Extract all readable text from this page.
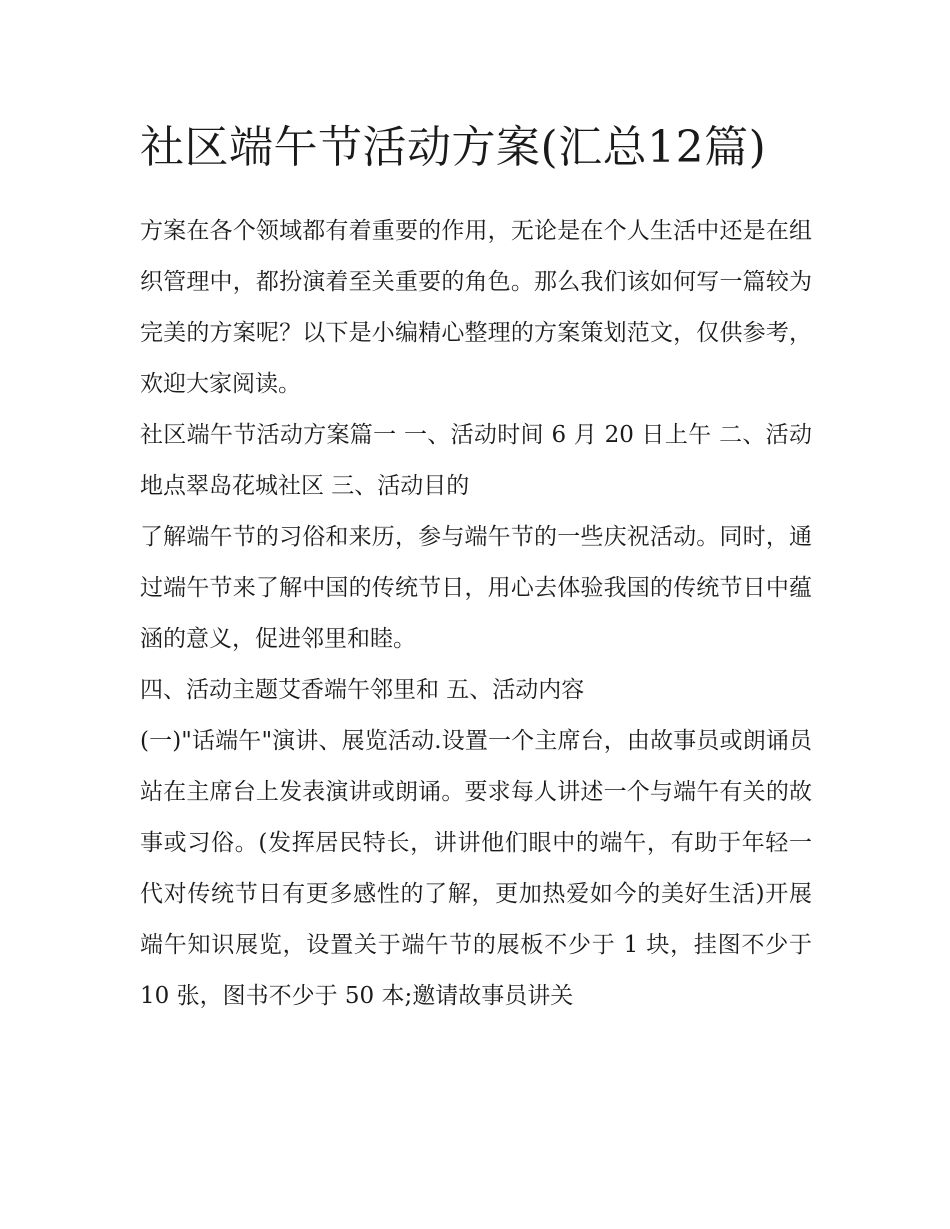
社区端午节活动方案(汇总12篇)

方案在各个领域都有着重要的作用，无论是在个人生活中还是在组织管理中，都扮演着至关重要的角色。那么我们该如何写一篇较为完美的方案呢？以下是小编精心整理的方案策划范文，仅供参考，欢迎大家阅读。

社区端午节活动方案篇一 一、活动时间 6 月 20 日上午 二、活动地点翠岛花城社区 三、活动目的

了解端午节的习俗和来历，参与端午节的一些庆祝活动。同时，通过端午节来了解中国的传统节日，用心去体验我国的传统节日中蕴涵的意义，促进邻里和睦。

四、活动主题艾香端午邻里和 五、活动内容

(一)"话端午"演讲、展览活动.设置一个主席台，由故事员或朗诵员站在主席台上发表演讲或朗诵。要求每人讲述一个与端午有关的故事或习俗。(发挥居民特长，讲讲他们眼中的端午，有助于年轻一代对传统节日有更多感性的了解，更加热爱如今的美好生活)开展端午知识展览，设置关于端午节的展板不少于 1 块，挂图不少于 10 张，图书不少于 50 本;邀请故事员讲关
